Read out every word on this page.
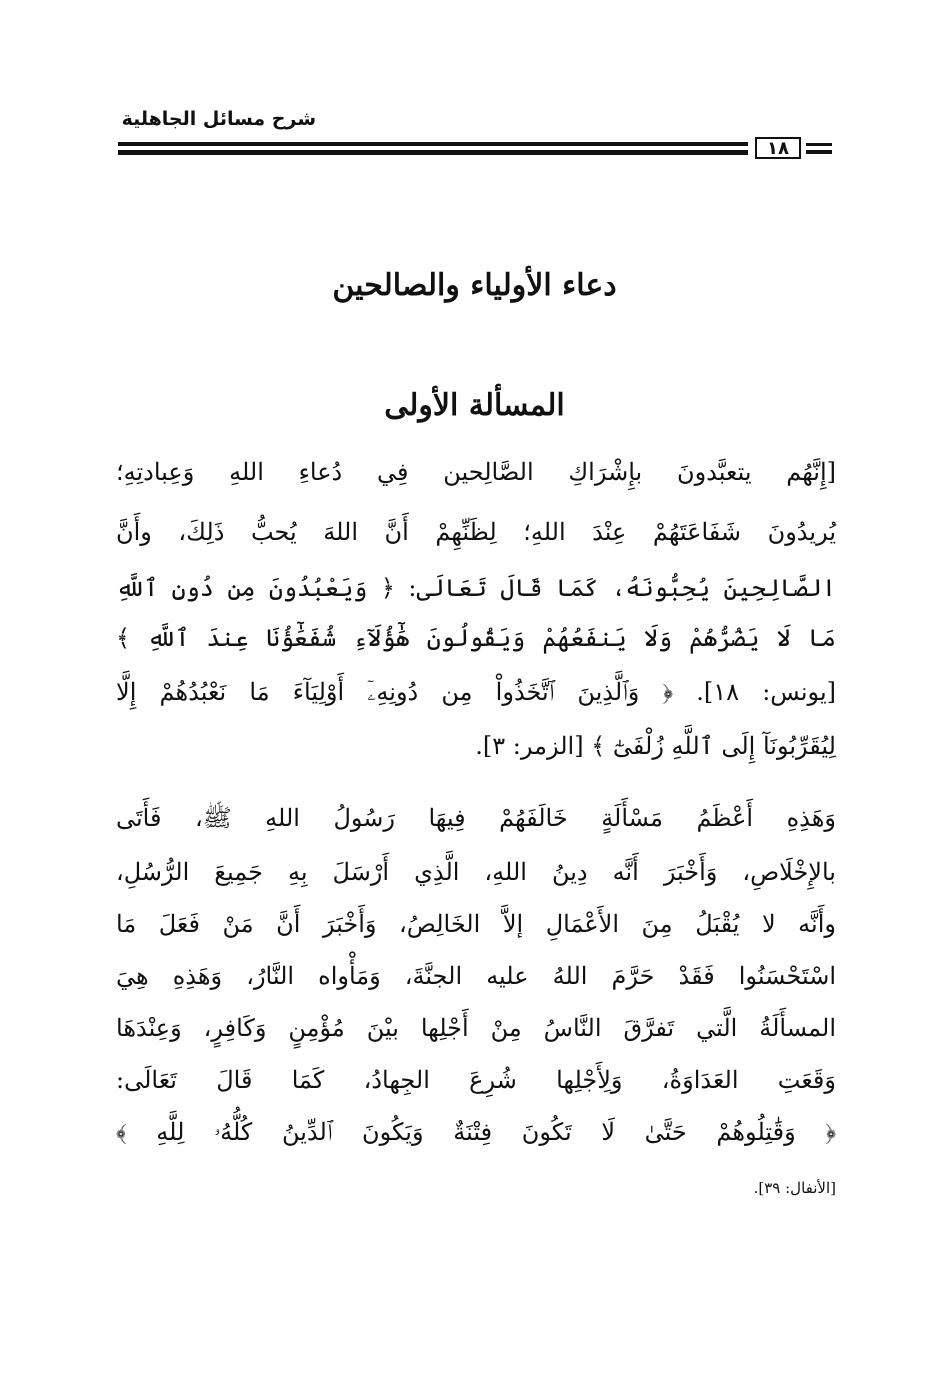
شرح مسائل الجاهلية
١٨
دعاء الأولياء والصالحين
المسألة الأولى
[إِنَّهُم يتعبَّدونَ بإِشْرَاكِ الصَّالِحين فِي دُعاءِ اللهِ وَعِبادتِهِ؛
يُريدُونَ شَفَاعَتَهُمْ عِنْدَ اللهِ؛ لِظَنِّهِمْ أَنَّ اللهَ يُحبُّ ذَلِكَ، وأَنَّ
الصَّالِحِينَ يُحِبُّونَهُ، كَمَا قَالَ تَعَالَى: ﴿ وَيَعْبُدُونَ مِن دُونِ ٱللَّهِ
مَا لَا يَضُرُّهُمْ وَلَا يَنفَعُهُمْ وَيَقُولُونَ هَٰٓؤُلَآءِ شُفَعَٰٓؤُنَا عِندَ ٱللَّهِ ﴾
[يونس: ١٨]. ﴿ وَٱلَّذِينَ ٱتَّخَذُواْ مِن دُونِهِۦٓ أَوْلِيَآءَ مَا نَعْبُدُهُمْ إِلَّا
لِيُقَرِّبُونَآ إِلَى ٱللَّهِ زُلْفَىٰٓ ﴾ [الزمر: ٣].
وَهَذِهِ أَعْظَمُ مَسْأَلَةٍ خَالَفَهُمْ فِيهَا رَسُولُ اللهِ ﷺ، فَأَتَى
بالإِخْلَاصِ، وَأَخْبَرَ أَنَّه دِينُ اللهِ، الَّذِي أَرْسَلَ بِهِ جَمِيعَ الرُّسُلِ،
وأَنَّه لا يُقْبَلُ مِنَ الأَعْمَالِ إلاَّ الخَالِصُ، وَأَخْبَرَ أَنَّ مَنْ فَعَلَ مَا
اسْتَحْسَنُوا فَقَدْ حَرَّمَ اللهُ عليه الجنَّةَ، وَمَأْواه النَّارُ، وَهَذِهِ هِيَ
المسأَلَةُ الَّتي تَفرَّقَ النَّاسُ مِنْ أَجْلِها بيْنَ مُؤْمِنٍ وَكَافِرٍ، وَعِنْدَهَا
وَقَعَتِ العَدَاوَةُ، وَلِأَجْلِها شُرِعَ الجِهادُ، كَمَا قَالَ تَعَالَى:
﴿ وَقَٰتِلُوهُمْ حَتَّىٰ لَا تَكُونَ فِتْنَةٌ وَيَكُونَ ٱلدِّينُ كُلُّهُۥ لِلَّهِ ﴾
[الأنفال: ٣٩].
